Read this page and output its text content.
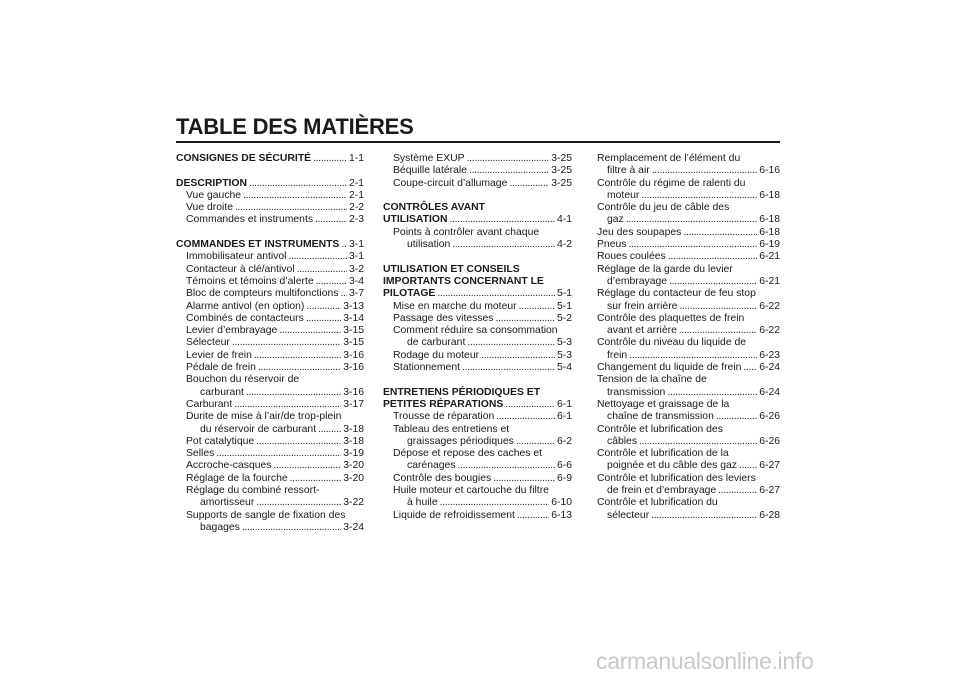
TABLE DES MATIÈRES
CONSIGNES DE SÉCURITÉ . . .	1-1
DESCRIPTION . . .	2-1
Vue gauche . . .	2-1
Vue droite . . .	2-2
Commandes et instruments . . .	2-3
COMMANDES ET INSTRUMENTS . . . 3-1
Immobilisateur antivol . . .	3-1
Contacteur à clé/antivol . . .	3-2
Témoins et témoins d’alerte . . .	3-4
Bloc de compteurs multifonctions . . . 3-7
Alarme antivol (en option) . . .	3-13
Combinés de contacteurs . . .	3-14
Levier d’embrayage . . .	3-15
Sélecteur . . .	3-15
Levier de frein . . .	3-16
Pédale de frein . . .	3-16
Bouchon du réservoir de
carburant . . .	3-16
Carburant . . .	3-17
Durite de mise à l’air/de trop-plein
du réservoir de carburant . . .	3-18
Pot catalytique . . .	3-18
Selles . . .	3-19
Accroche-casques . . .	3-20
Réglage de la fourche . . .	3-20
Réglage du combiné ressort-
amortisseur . . .	3-22
Supports de sangle de fixation des
bagages . . .	3-24
Système EXUP . . .	3-25
Béquille latérale . . .	3-25
Coupe-circuit d’allumage . . .	3-25
CONTRÔLES AVANT
UTILISATION . . .	4-1
Points à contrôler avant chaque
utilisation . . .	4-2
UTILISATION ET CONSEILS
IMPORTANTS CONCERNANT LE
PILOTAGE . . .	5-1
Mise en marche du moteur . . .	5-1
Passage des vitesses . . .	5-2
Comment réduire sa consommation
de carburant . . .	5-3
Rodage du moteur . . .	5-3
Stationnement . . .	5-4
ENTRETIENS PÉRIODIQUES ET
PETITES RÉPARATIONS . . .	6-1
Trousse de réparation . . .	6-1
Tableau des entretiens et
graissages périodiques . . .	6-2
Dépose et repose des caches et
carénages . . .	6-6
Contrôle des bougies . . .	6-9
Huile moteur et cartouche du filtre
à huile . . .	6-10
Liquide de refroidissement . . .	6-13
Remplacement de l’élément du
filtre à air . . .	6-16
Contrôle du régime de ralenti du
moteur . . .	6-18
Contrôle du jeu de câble des
gaz . . .	6-18
Jeu des soupapes . . .	6-18
Pneus . . .	6-19
Roues coulées . . .	6-21
Réglage de la garde du levier
d’embrayage . . .	6-21
Réglage du contacteur de feu stop
sur frein arrière . . .	6-22
Contrôle des plaquettes de frein
avant et arrière . . .	6-22
Contrôle du niveau du liquide de
frein . . .	6-23
Changement du liquide de frein . . . 6-24
Tension de la chaîne de
transmission . . .	6-24
Nettoyage et graissage de la
chaîne de transmission . . .	6-26
Contrôle et lubrification des
câbles . . .	6-26
Contrôle et lubrification de la
poignée et du câble des gaz . . . 6-27
Contrôle et lubrification des leviers
de frein et d’embrayage . . .	6-27
Contrôle et lubrification du
sélecteur . . .	6-28
carmanualsonline.info
